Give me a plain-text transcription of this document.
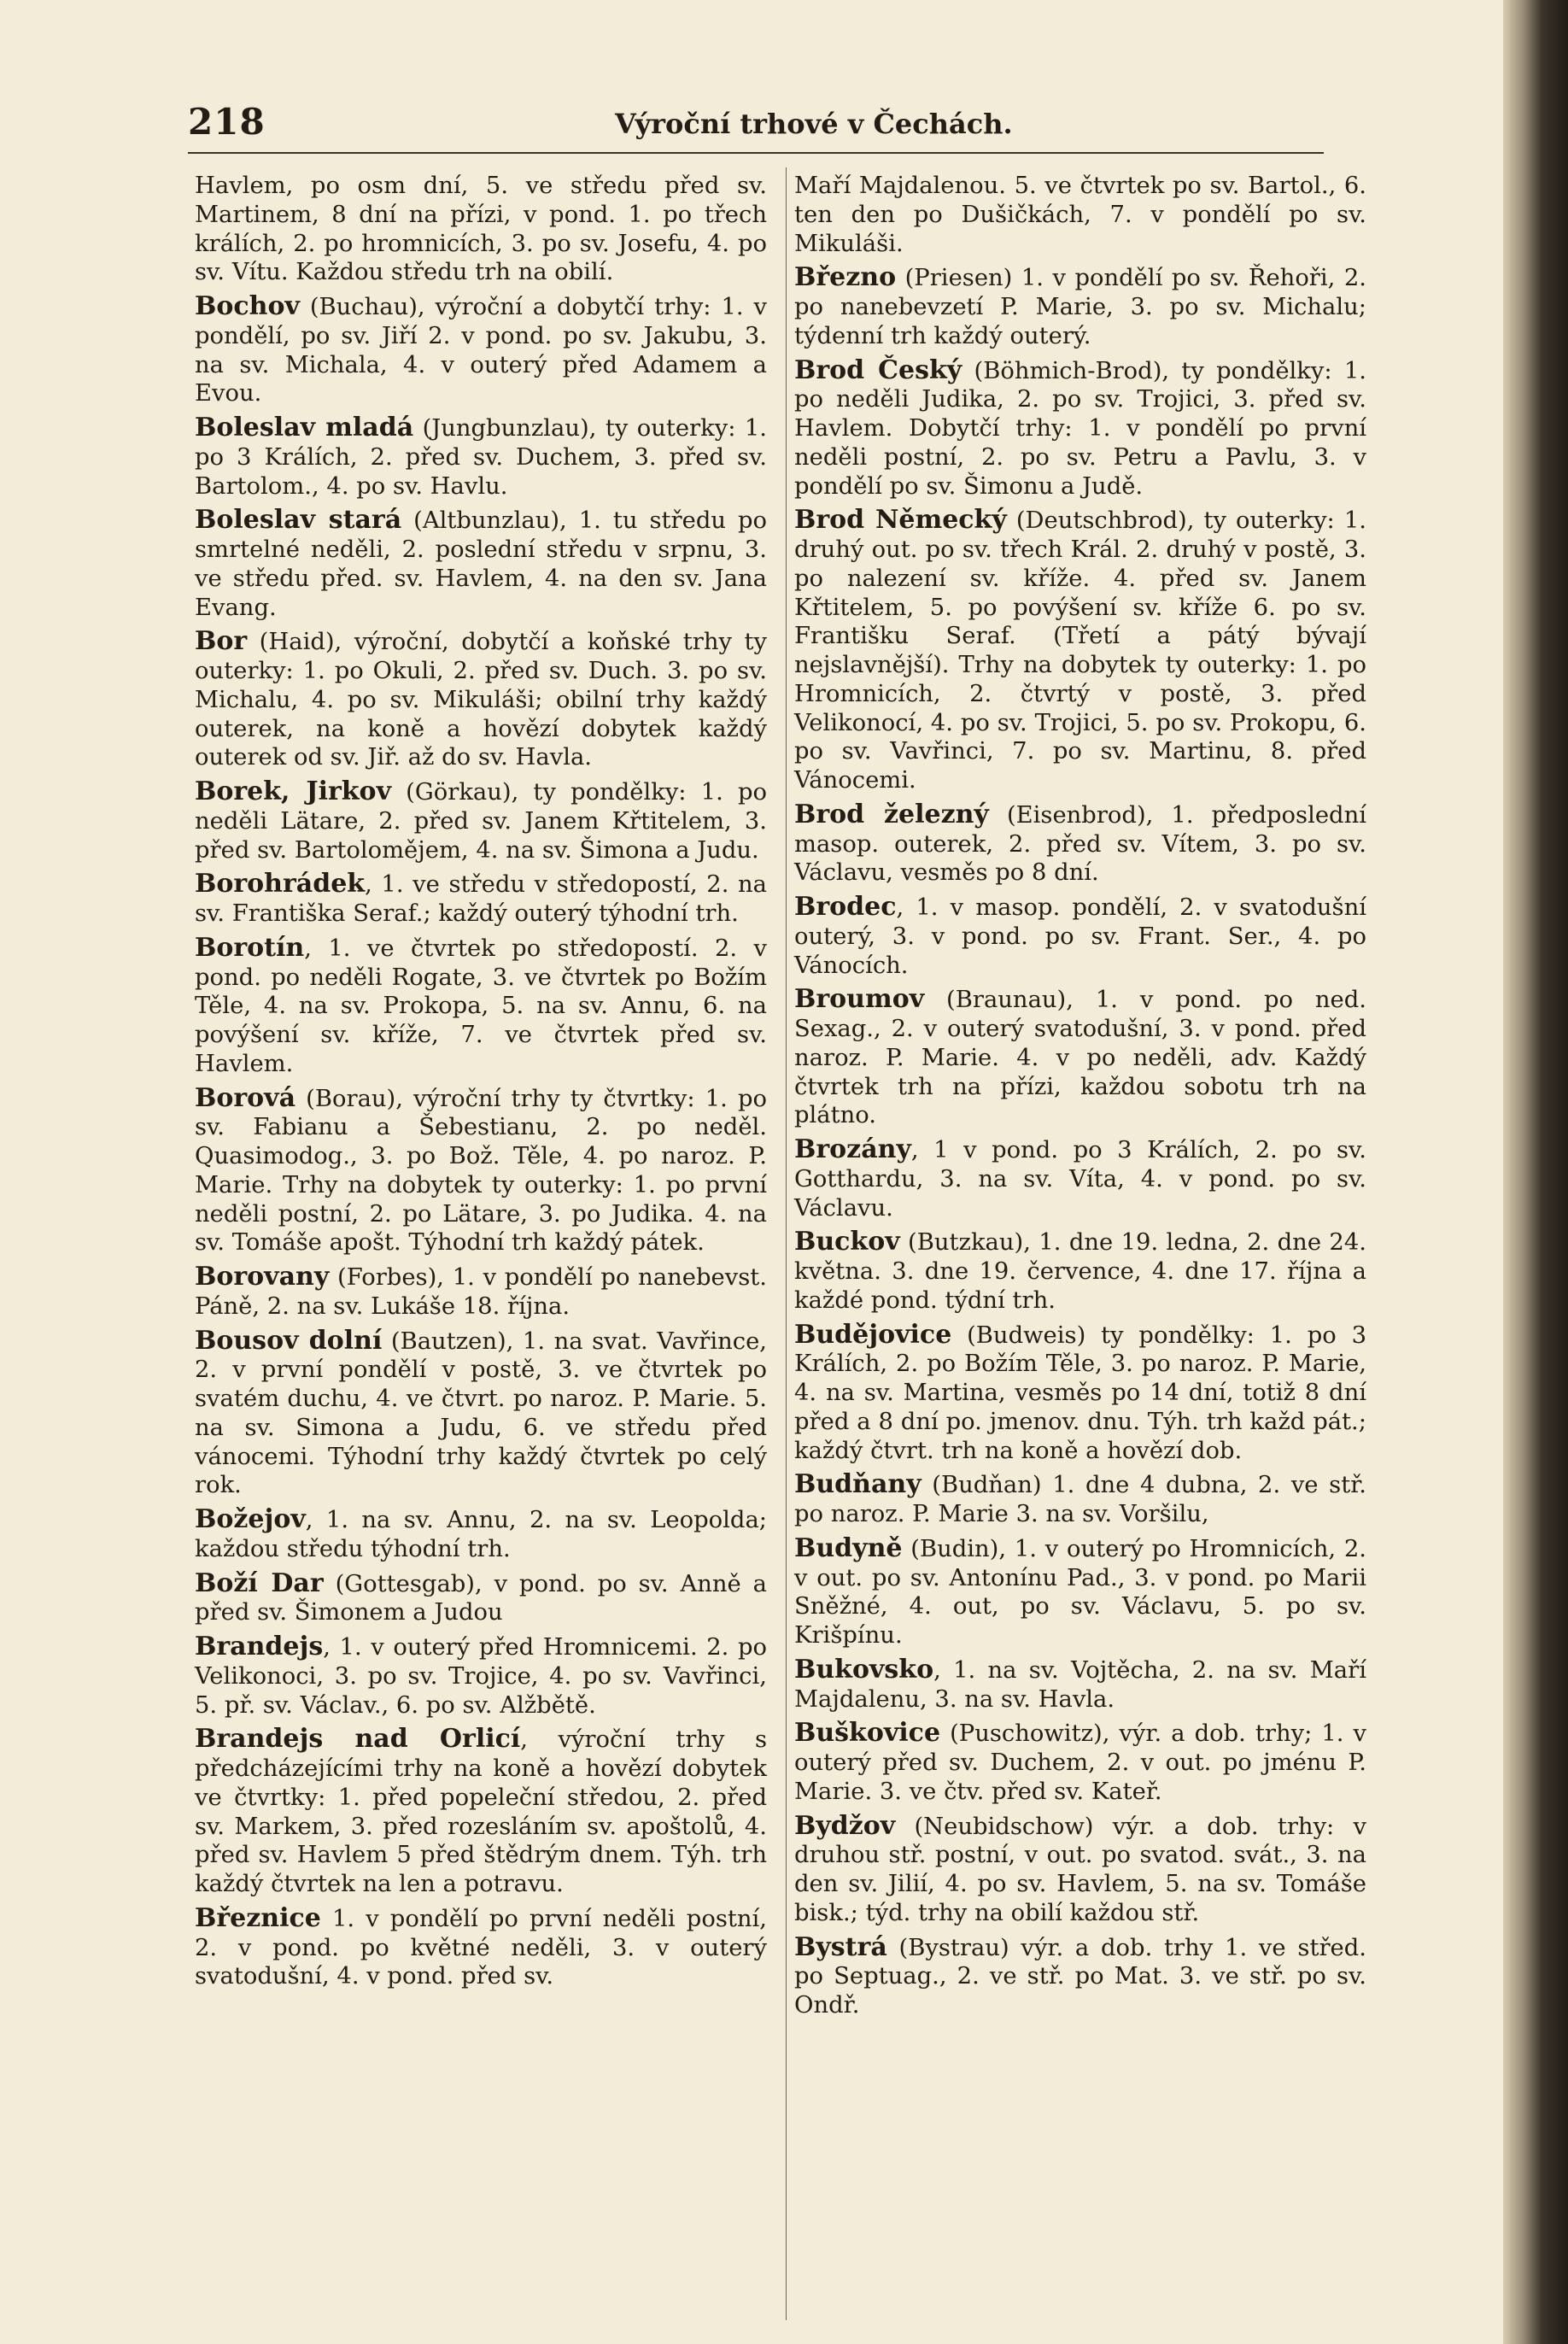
218	Výroční trhové v Čechách.
Havlem, po osm dní, 5. ve středu před sv. Martinem, 8 dní na přízi, v pond. 1. po třech králích, 2. po hromnicích, 3. po sv. Josefu, 4. po sv. Vítu. Každou středu trh na obilí.
Bochov (Buchau), výroční a dobytčí trhy: 1. v pondělí, po sv. Jiří 2. v pond. po sv. Jakubu, 3. na sv. Michala, 4. v outerý před Adamem a Evou.
Boleslav mladá (Jungbunzlau), ty outerky: 1. po 3 Králích, 2. před sv. Duchem, 3. před sv. Bartolom., 4. po sv. Havlu.
Boleslav stará (Altbunzlau), 1. tu středu po smrtelné neděli, 2. poslední středu v srpnu, 3. ve středu před. sv. Havlem, 4. na den sv. Jana Evang.
Bor (Haid), výroční, dobytčí a koňské trhy ty outerky: 1. po Okuli, 2. před sv. Duch. 3. po sv. Michalu, 4. po sv. Mikuláši; obilní trhy každý outerek, na koně a hovězí dobytek každý outerek od sv. Jiř. až do sv. Havla.
Borek, Jirkov (Görkau), ty pondělky: 1. po neděli Lätare, 2. před sv. Janem Křtitelem, 3. před sv. Bartolomějem, 4. na sv. Šimona a Judu.
Borohrádek, 1. ve středu v středopostí, 2. na sv. Františka Seraf.; každý outerý týhodní trh.
Borotín, 1. ve čtvrtek po středopostí. 2. v pond. po neděli Rogate, 3. ve čtvrtek po Božím Těle, 4. na sv. Prokopa, 5. na sv. Annu, 6. na povýšení sv. kříže, 7. ve čtvrtek před sv. Havlem.
Borová (Borau), výroční trhy ty čtvrtky: 1. po sv. Fabianu a Šebestianu, 2. po neděl. Quasimodog., 3. po Bož. Těle, 4. po naroz. P. Marie. Trhy na dobytek ty outerky: 1. po první neděli postní, 2. po Lätare, 3. po Judika. 4. na sv. Tomáše apošt. Týhodní trh každý pátek.
Borovany (Forbes), 1. v pondělí po nanebevst. Páně, 2. na sv. Lukáše 18. října.
Bousov dolní (Bautzen), 1. na svat. Vavřince, 2. v první pondělí v postě, 3. ve čtvrtek po svatém duchu, 4. ve čtvrt. po naroz. P. Marie. 5. na sv. Simona a Judu, 6. ve středu před vánocemi. Týhodní trhy každý čtvrtek po celý rok.
Božejov, 1. na sv. Annu, 2. na sv. Leopolda; každou středu týhodní trh.
Boží Dar (Gottesgab), v pond. po sv. Anně a před sv. Šimonem a Judou
Brandejs, 1. v outerý před Hromnicemi. 2. po Velikonoci, 3. po sv. Trojice, 4. po sv. Vavřinci, 5. př. sv. Václav., 6. po sv. Alžbětě.
Brandejs nad Orlicí, výroční trhy s předcházejícími trhy na koně a hovězí dobytek ve čtvrtky: 1. před popeleční středou, 2. před sv. Markem, 3. před rozesláním sv. apoštolů, 4. před sv. Havlem 5 před štědrým dnem. Týh. trh každý čtvrtek na len a potravu.
Březnice 1. v pondělí po první neděli postní, 2. v pond. po květné neděli, 3. v outerý svatodušní, 4. v pond. před sv.
Maří Majdalenou. 5. ve čtvrtek po sv. Bartol., 6. ten den po Dušičkách, 7. v pondělí po sv. Mikuláši.
Březno (Priesen) 1. v pondělí po sv. Řehoři, 2. po nanebevzetí P. Marie, 3. po sv. Michalu; týdenní trh každý outerý.
Brod Český (Böhmich-Brod), ty pondělky: 1. po neděli Judika, 2. po sv. Trojici, 3. před sv. Havlem. Dobytčí trhy: 1. v pondělí po první neděli postní, 2. po sv. Petru a Pavlu, 3. v pondělí po sv. Šimonu a Judě.
Brod Německý (Deutschbrod), ty outerky: 1. druhý out. po sv. třech Král. 2. druhý v postě, 3. po nalezení sv. kříže. 4. před sv. Janem Křtitelem, 5. po povýšení sv. kříže 6. po sv. Františku Seraf. (Třetí a pátý bývají nejslavnější). Trhy na dobytek ty outerky: 1. po Hromnicích, 2. čtvrtý v postě, 3. před Velikonocí, 4. po sv. Trojici, 5. po sv. Prokopu, 6. po sv. Vavřinci, 7. po sv. Martinu, 8. před Vánocemi.
Brod železný (Eisenbrod), 1. předposlední masop. outerek, 2. před sv. Vítem, 3. po sv. Václavu, vesměs po 8 dní.
Brodec, 1. v masop. pondělí, 2. v svatodušní outerý, 3. v pond. po sv. Frant. Ser., 4. po Vánocích.
Broumov (Braunau), 1. v pond. po ned. Sexag., 2. v outerý svatodušní, 3. v pond. před naroz. P. Marie. 4. v po neděli, adv. Každý čtvrtek trh na přízi, každou sobotu trh na plátno.
Brozány, 1 v pond. po 3 Králích, 2. po sv. Gotthardu, 3. na sv. Víta, 4. v pond. po sv. Václavu.
Buckov (Butzkau), 1. dne 19. ledna, 2. dne 24. května. 3. dne 19. července, 4. dne 17. října a každé pond. týdní trh.
Budějovice (Budweis) ty pondělky: 1. po 3 Králích, 2. po Božím Těle, 3. po naroz. P. Marie, 4. na sv. Martina, vesměs po 14 dní, totiž 8 dní před a 8 dní po. jmenov. dnu. Týh. trh každ pát.; každý čtvrt. trh na koně a hovězí dob.
Budňany (Budňan) 1. dne 4 dubna, 2. ve stř. po naroz. P. Marie 3. na sv. Voršilu,
Budyně (Budin), 1. v outerý po Hromnicích, 2. v out. po sv. Antonínu Pad., 3. v pond. po Marii Sněžné, 4. out, po sv. Václavu, 5. po sv. Krišpínu.
Bukovsko, 1. na sv. Vojtěcha, 2. na sv. Maří Majdalenu, 3. na sv. Havla.
Buškovice (Puschowitz), výr. a dob. trhy; 1. v outerý před sv. Duchem, 2. v out. po jménu P. Marie. 3. ve čtv. před sv. Kateř.
Bydžov (Neubidschow) výr. a dob. trhy: v druhou stř. postní, v out. po svatod. svát., 3. na den sv. Jilií, 4. po sv. Havlem, 5. na sv. Tomáše bisk.; týd. trhy na obilí každou stř.
Bystrá (Bystrau) výr. a dob. trhy 1. ve střed. po Septuag., 2. ve stř. po Mat. 3. ve stř. po sv. Ondř.
